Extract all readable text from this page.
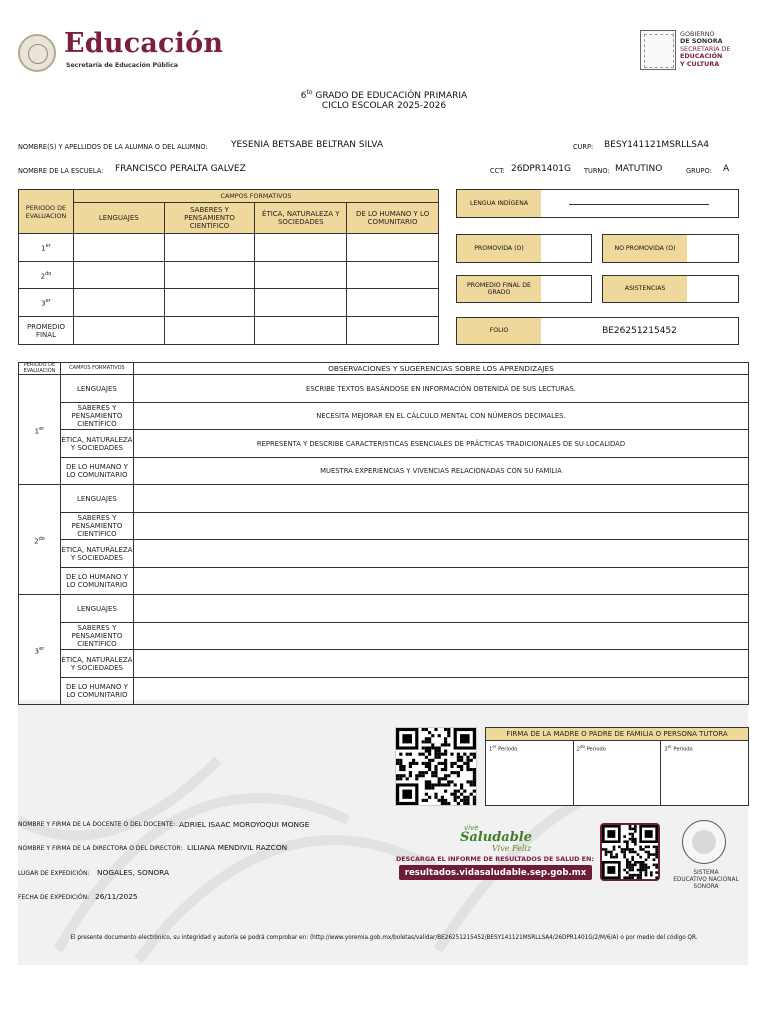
Educación
Secretaría de Educación Pública
GOBIERNO
DE SONORA
SECRETARÍA DE
EDUCACIÓN
Y CULTURA
$6^{to}$ GRADO DE EDUCACIÓN PRIMARIA
CICLO ESCOLAR 2025-2026
NOMBRE(S) Y APELLIDOS DE LA ALUMNA O DEL ALUMNO:	YESENIA BETSABE BELTRAN SILVA	CURP: BESY141121MSRLLSA4
NOMBRE DE LA ESCUELA: FRANCISCO PERALTA GALVEZ	CCT: 26DPR1401G TURNO: MATUTINO	GRUPO: A
PERIODO DE EVALUACION	CAMPOS FORMATIVOS			
	LENGUAJES	SABERES Y PENSAMIENTO CIENTÍFICO	ÉTICA, NATURALEZA Y SOCIEDADES	DE LO HUMANO Y LO COMUNITARIO
1er				
$2^{do}$				
3er				
PROMEDIO FINAL				
LENGUA INDÍGENA
PROMOVIDA (O)	NO PROMOVIDA (O)
PROMEDIO FINAL DE GRADO
ASISTENCIAS
FOLIO	BE26251215452
PERIODO DE EVALUACIÓN	CAMPOS FORMATIVOS	OBSERVACIONES Y SUGERENCIAS SOBRE LOS APRENDIZAJES
1er	LENGUAJES	ESCRIBE TEXTOS BASÁNDOSE EN INFORMACIÓN OBTENIDA DE SUS LECTURAS.
	SABERES Y PENSAMIENTO CIENTÍFICO	NECESITA MEJORAR EN EL CÁLCULO MENTAL CON NÚMEROS DECIMALES.
	ÉTICA, NATURALEZA Y SOCIEDADES	REPRESENTA Y DESCRIBE CARACTERISTICAS ESENCIALES DE PRÁCTICAS TRADICIONALES DE SU LOCALIDAD
	DE LO HUMANO Y LO COMUNITARIO	MUESTRA EXPERIENCIAS Y VIVENCIAS RELACIONADAS CON SU FAMILIA
$2^{do}$	LENGUAJES	
	SABERES Y PENSAMIENTO CIENTÍFICO	
	ÉTICA, NATURALEZA Y SOCIEDADES	
	DE LO HUMANO Y LO COMUNITARIO	
3er	LENGUAJES	
	SABERES Y PENSAMIENTO CIENTÍFICO	
	ÉTICA, NATURALEZA Y SOCIEDADES	
	DE LO HUMANO Y LO COMUNITARIO	
FIRMA DE LA MADRE O PADRE DE FAMILIA O PERSONA TUTORA
1er Periodo	$2^{do}$ Periodo	3er Periodo
NOMBRE Y FIRMA DE LA DOCENTE O DEL DOCENTE: ADRIEL ISAAC MOROYOQUI MONGE
NOMBRE Y FIRMA DE LA DIRECTORA O DEL DIRECTOR: LILIANA MENDIVIL RAZCON
LUGAR DE EXPEDICIÓN: NOGALES, SONORA
FECHA DE EXPEDICIÓN: 26/11/2025
vive
Saludable
Vive Feliz
DESCARGA EL INFORME DE RESULTADOS DE SALUD EN:
resultados.vidasaludable.sep.gob.mx	SISTEMA
EDUCATIVO NACIONAL
SONORA
El presente documento electrónico, su integridad y autoría se podrá comprobar en: (http://www.yoremia.gob.mx/boletas/validar/BE26251215452/BESY141121MSRLLSA4/26DPR1401G/2/M/6/A) o por medio del código QR.
